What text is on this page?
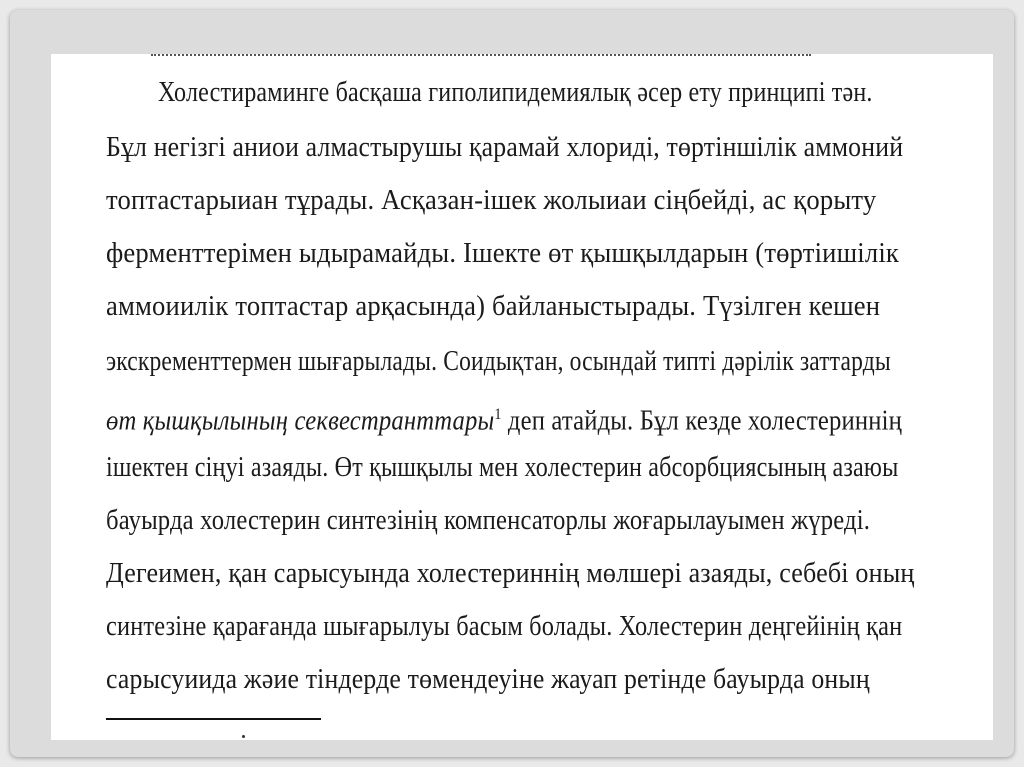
Холестираминге басқаша гиполипидемиялық әсер ету принципі тән.
Бұл негізгі аниои алмастырушы қарамай хлориді, төртіншілік аммоний
топтастарыиан тұрады. Асқазан-ішек жолыиаи сіңбейді, ас қорыту
ферменттерімен ыдырамайды. Ішекте өт қышқылдарын (төртіишілік
аммоиилік топтастар арқасында) байланыстырады. Түзілген кешен
экскременттермен шығарылады. Соидықтан, осындай типті дәрілік заттарды
өт қышқылының секвестранттары$^1$ деп атайды. Бұл кезде холестериннің
ішектен сіңуі азаяды. Өт қышқылы мен холестерин абсорбциясының азаюы
бауырда холестерин синтезінің компенсаторлы жоғарылауымен жүреді.
Дегеимен, қан сарысуында холестериннің мөлшері азаяды, себебі оның
синтезіне қарағанда шығарылуы басым болады. Холестерин деңгейінің қан
сарысуиида жәие тіндерде төмендеуіне жауап ретінде бауырда оның
